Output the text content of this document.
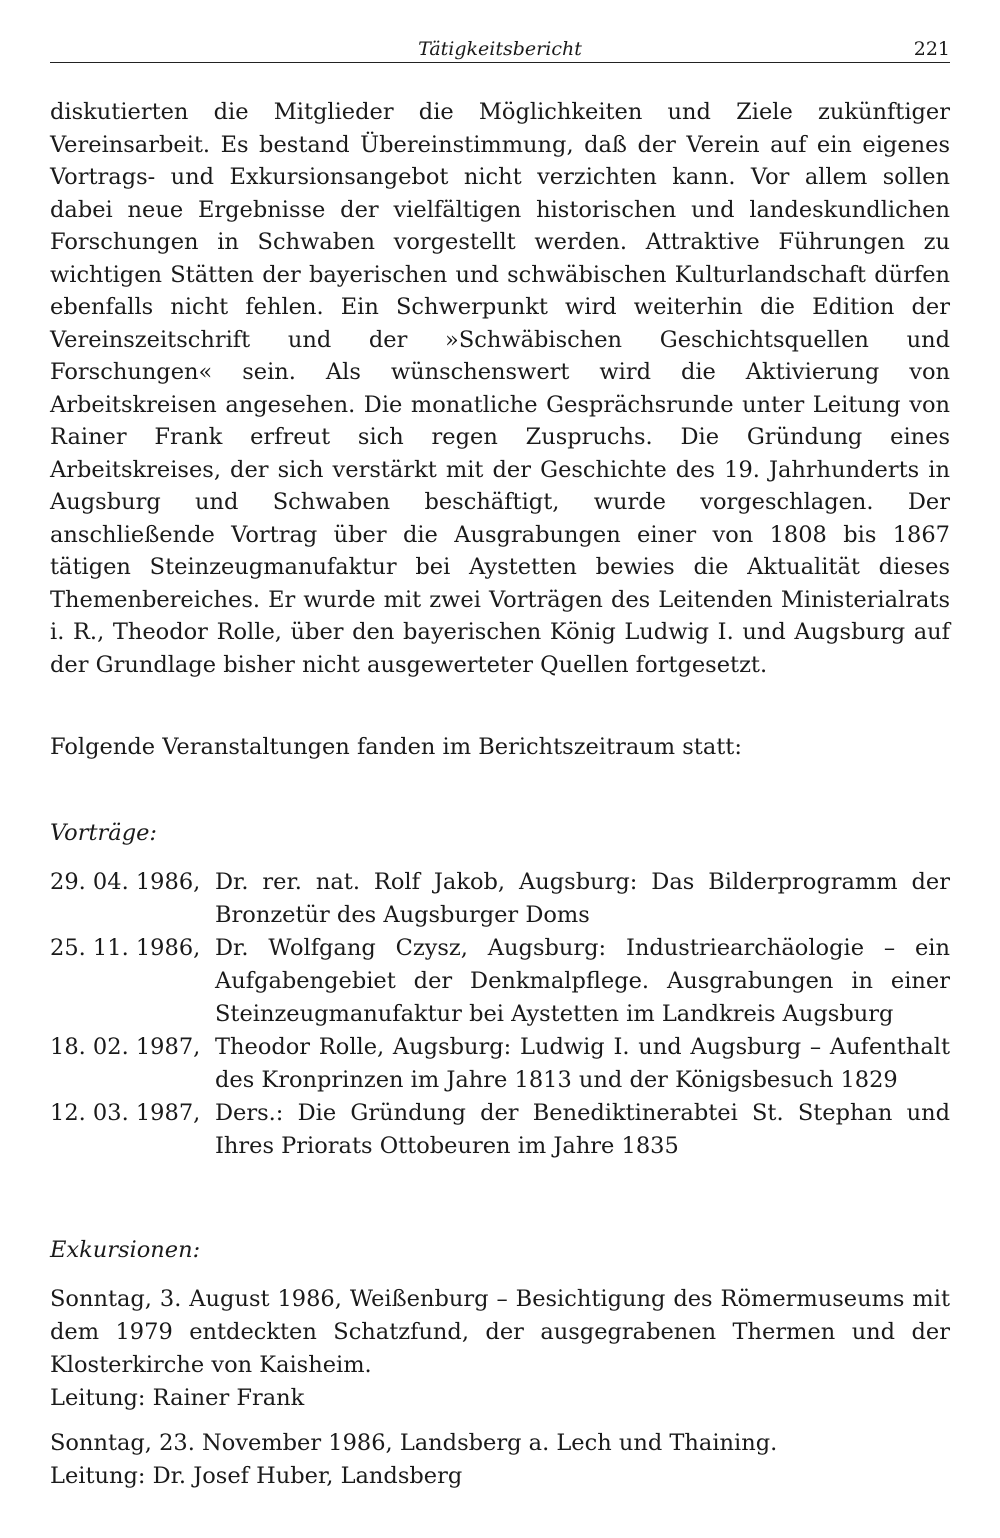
Tätigkeitsbericht	221

diskutierten die Mitglieder die Möglichkeiten und Ziele zukünftiger Vereinsarbeit. Es bestand Übereinstimmung, daß der Verein auf ein eigenes Vortrags- und Exkursionsangebot nicht verzichten kann. Vor allem sollen dabei neue Ergebnisse der vielfältigen historischen und landeskundlichen Forschungen in Schwaben vorgestellt werden. Attraktive Führungen zu wichtigen Stätten der bayerischen und schwäbischen Kulturlandschaft dürfen ebenfalls nicht fehlen. Ein Schwerpunkt wird weiterhin die Edition der Vereinszeitschrift und der »Schwäbischen Geschichtsquellen und Forschungen« sein. Als wünschenswert wird die Aktivierung von Arbeitskreisen angesehen. Die monatliche Gesprächsrunde unter Leitung von Rainer Frank erfreut sich regen Zuspruchs. Die Gründung eines Arbeitskreises, der sich verstärkt mit der Geschichte des 19. Jahrhunderts in Augsburg und Schwaben beschäftigt, wurde vorgeschlagen. Der anschließende Vortrag über die Ausgrabungen einer von 1808 bis 1867 tätigen Steinzeugmanufaktur bei Aystetten bewies die Aktualität dieses Themenbereiches. Er wurde mit zwei Vorträgen des Leitenden Ministerialrats i. R., Theodor Rolle, über den bayerischen König Ludwig I. und Augsburg auf der Grundlage bisher nicht ausgewerteter Quellen fortgesetzt.

Folgende Veranstaltungen fanden im Berichtszeitraum statt:
Vorträge:
29. 04. 1986, Dr. rer. nat. Rolf Jakob, Augsburg: Das Bilderprogramm der Bronzetür des Augsburger Doms
25. 11. 1986, Dr. Wolfgang Czysz, Augsburg: Industriearchäologie – ein Aufgabengebiet der Denkmalpflege. Ausgrabungen in einer Steinzeugmanufaktur bei Aystetten im Landkreis Augsburg
18. 02. 1987, Theodor Rolle, Augsburg: Ludwig I. und Augsburg – Aufenthalt des Kronprinzen im Jahre 1813 und der Königsbesuch 1829
12. 03. 1987, Ders.: Die Gründung der Benediktinerabtei St. Stephan und Ihres Priorats Ottobeuren im Jahre 1835
Exkursionen:
Sonntag, 3. August 1986, Weißenburg – Besichtigung des Römermuseums mit dem 1979 entdeckten Schatzfund, der ausgegrabenen Thermen und der Klosterkirche von Kaisheim.
Leitung: Rainer Frank
Sonntag, 23. November 1986, Landsberg a. Lech und Thaining.
Leitung: Dr. Josef Huber, Landsberg
